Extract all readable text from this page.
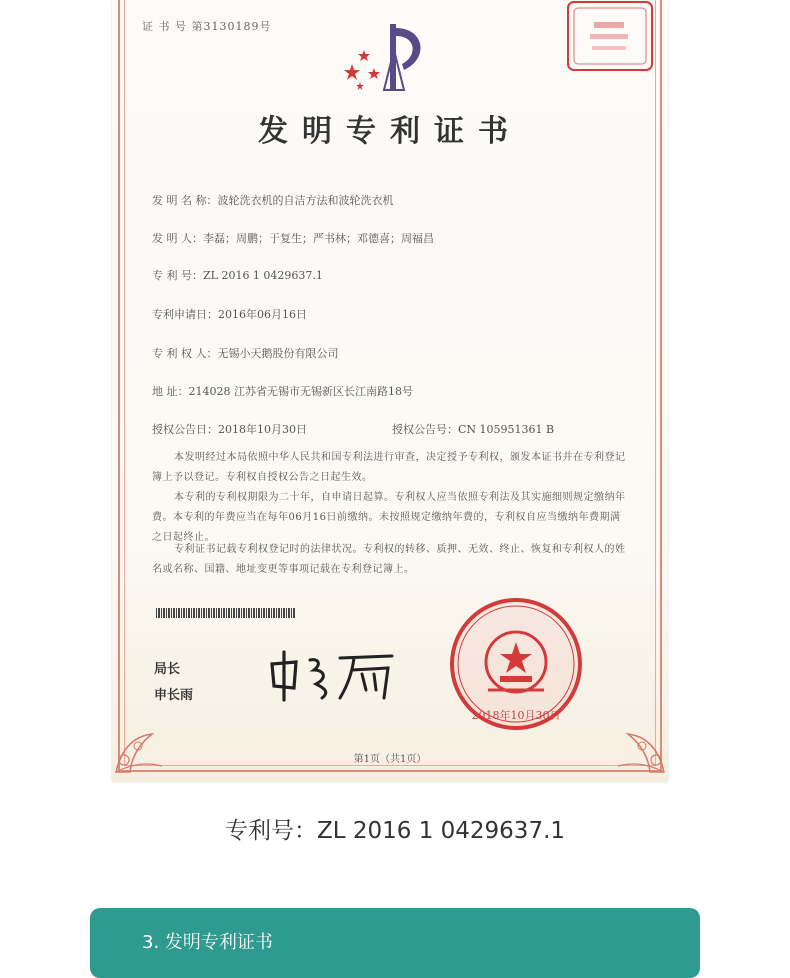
证 书 号 第3130189号
发明专利证书
发 明 名 称：波轮洗衣机的自洁方法和波轮洗衣机
发 明 人：李磊；周鹏；于复生；严书林；邓德喜；周福昌
专 利 号：ZL 2016 1 0429637.1
专利申请日：2016年06月16日
专 利 权 人：无锡小天鹅股份有限公司
地 址：214028 江苏省无锡市无锡新区长江南路18号
授权公告日：2018年10月30日	授权公告号：CN 105951361 B
本发明经过本局依照中华人民共和国专利法进行审查，决定授予专利权，颁发本证书并在专利登记簿上予以登记。专利权自授权公告之日起生效。
本专利的专利权期限为二十年，自申请日起算。专利权人应当依照专利法及其实施细则规定缴纳年费。本专利的年费应当在每年06月16日前缴纳。未按照规定缴纳年费的，专利权自应当缴纳年费期满之日起终止。
专利证书记载专利权登记时的法律状况。专利权的转移、质押、无效、终止、恢复和专利权人的姓名或名称、国籍、地址变更等事项记载在专利登记簿上。
局长
申长雨
2018年10月30日
第1页（共1页）
专利号：ZL 2016 1 0429637.1
3. 发明专利证书
